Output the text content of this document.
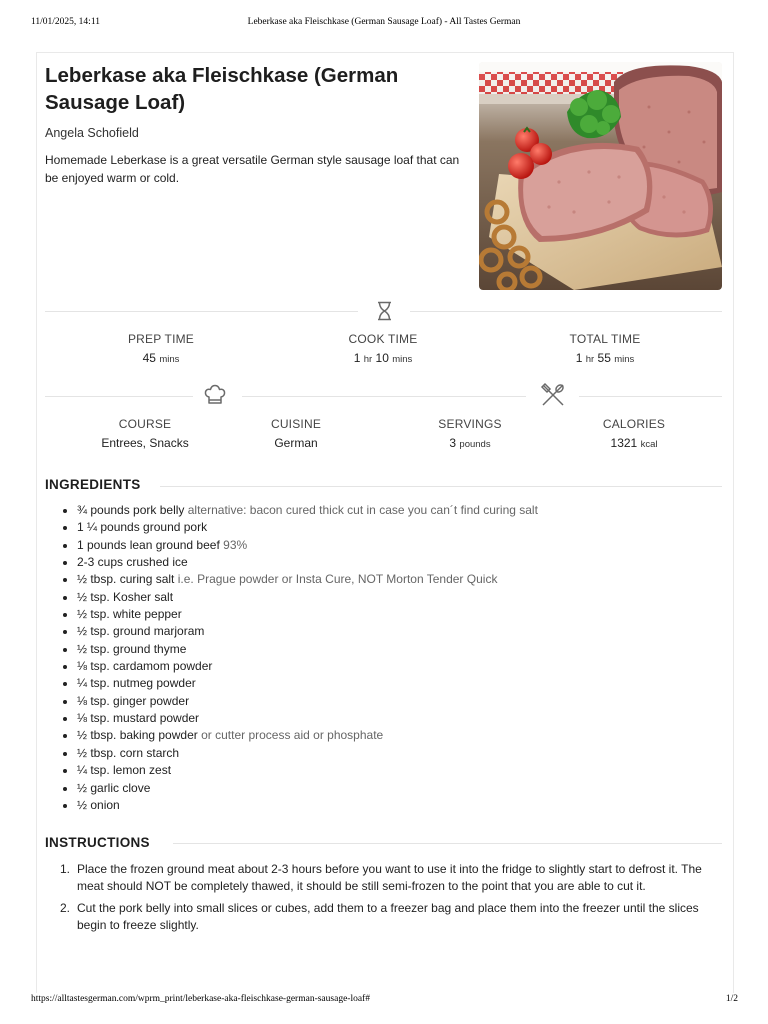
11/01/2025, 14:11	Leberkase aka Fleischkase (German Sausage Loaf) - All Tastes German
Leberkase aka Fleischkase (German Sausage Loaf)
Angela Schofield
Homemade Leberkase is a great versatile German style sausage loaf that can be enjoyed warm or cold.
PREP TIME
45 mins
COOK TIME
1 hr 10 mins
TOTAL TIME
1 hr 55 mins
COURSE
Entrees, Snacks
CUISINE
German
SERVINGS
3 pounds
CALORIES
1321 kcal
INGREDIENTS
¾ pounds pork belly alternative: bacon cured thick cut in case you can´t find curing salt
1 ¼ pounds ground pork
1 pounds lean ground beef 93%
2-3 cups crushed ice
½ tbsp. curing salt i.e. Prague powder or Insta Cure, NOT Morton Tender Quick
½ tsp. Kosher salt
½ tsp. white pepper
½ tsp. ground marjoram
½ tsp. ground thyme
⅛ tsp. cardamom powder
¼ tsp. nutmeg powder
⅛ tsp. ginger powder
⅛ tsp. mustard powder
½ tbsp. baking powder or cutter process aid or phosphate
½ tbsp. corn starch
¼ tsp. lemon zest
½ garlic clove
½ onion
INSTRUCTIONS
1. Place the frozen ground meat about 2-3 hours before you want to use it into the fridge to slightly start to defrost it. The meat should NOT be completely thawed, it should be still semi-frozen to the point that you are able to cut it.
2. Cut the pork belly into small slices or cubes, add them to a freezer bag and place them into the freezer until the slices begin to freeze slightly.
https://alltastesgerman.com/wprm_print/leberkase-aka-fleischkase-german-sausage-loaf#	1/2
